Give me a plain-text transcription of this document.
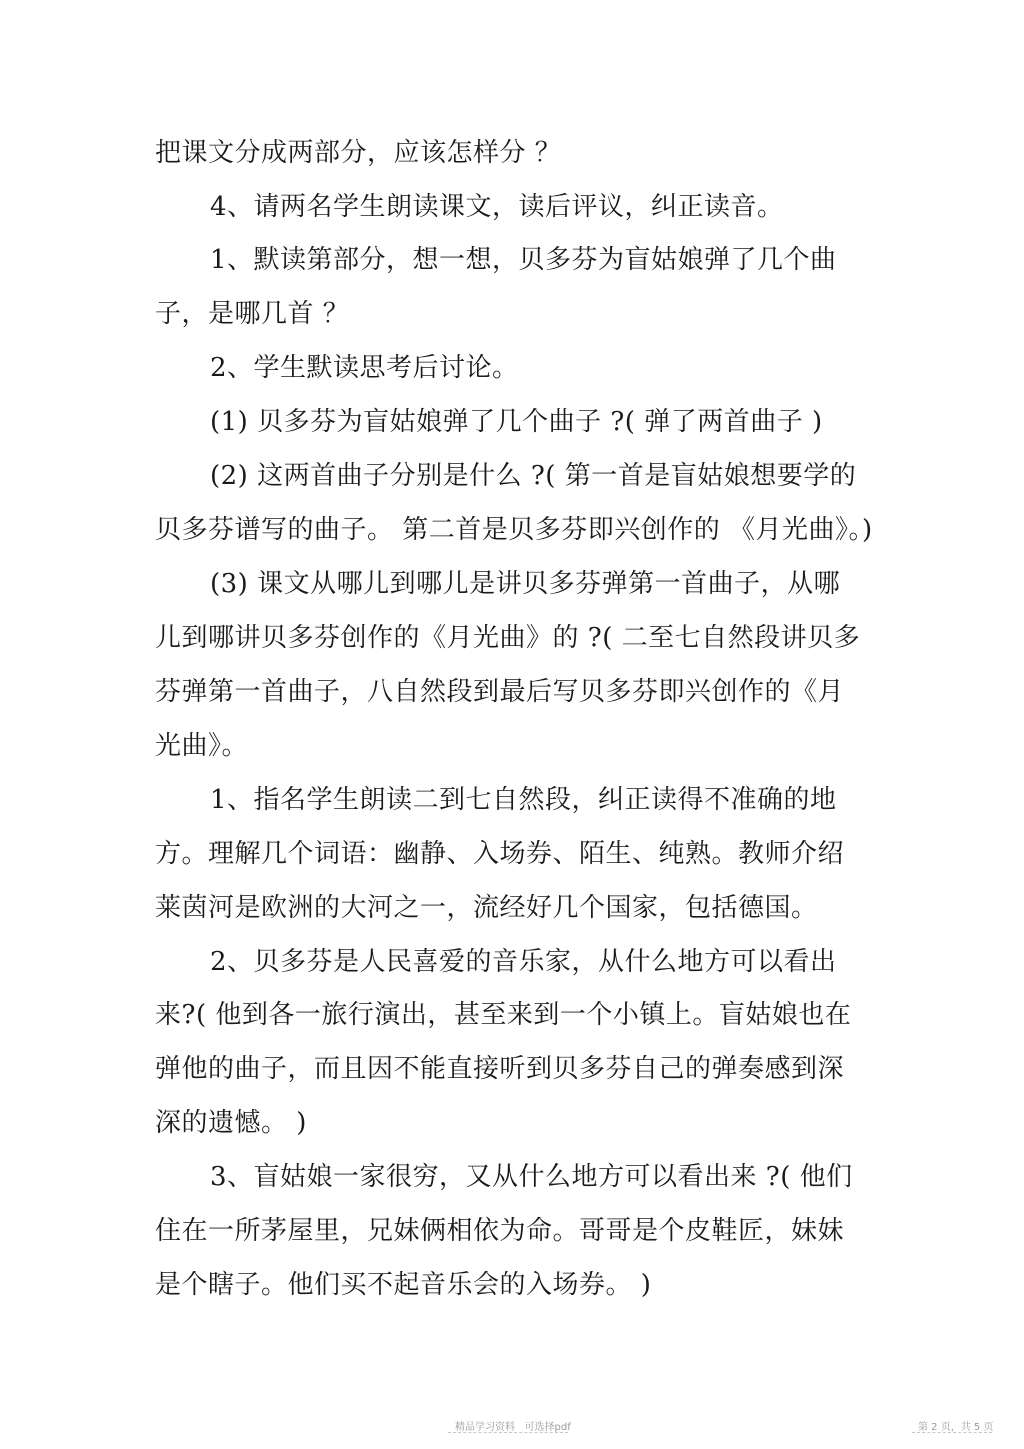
把课文分成两部分，应该怎样分 ？
4、请两名学生朗读课文，读后评议，纠正读音。
1、默读第部分，想一想，贝多芬为盲姑娘弹了几个曲
子，是哪几首 ？
2、学生默读思考后讨论。
(1) 贝多芬为盲姑娘弹了几个曲子 ?( 弹了两首曲子 )
(2) 这两首曲子分别是什么 ?( 第一首是盲姑娘想要学的
贝多芬谱写的曲子。 第二首是贝多芬即兴创作的 《月光曲》。)
(3) 课文从哪儿到哪儿是讲贝多芬弹第一首曲子，从哪
儿到哪讲贝多芬创作的《月光曲》的 ?( 二至七自然段讲贝多
芬弹第一首曲子，八自然段到最后写贝多芬即兴创作的《月
光曲》。
1、指名学生朗读二到七自然段，纠正读得不准确的地
方。理解几个词语：幽静、入场券、陌生、纯熟。教师介绍
莱茵河是欧洲的大河之一，流经好几个国家，包括德国。
2、贝多芬是人民喜爱的音乐家，从什么地方可以看出
来?( 他到各一旅行演出，甚至来到一个小镇上。盲姑娘也在
弹他的曲子，而且因不能直接听到贝多芬自己的弹奏感到深
深的遗憾。 )
3、盲姑娘一家很穷，又从什么地方可以看出来 ?( 他们
住在一所茅屋里，兄妹俩相依为命。哥哥是个皮鞋匠，妹妹
是个瞎子。他们买不起音乐会的入场券。 )
精品学习资料   可选择pdf	第 2 页，共 5 页
